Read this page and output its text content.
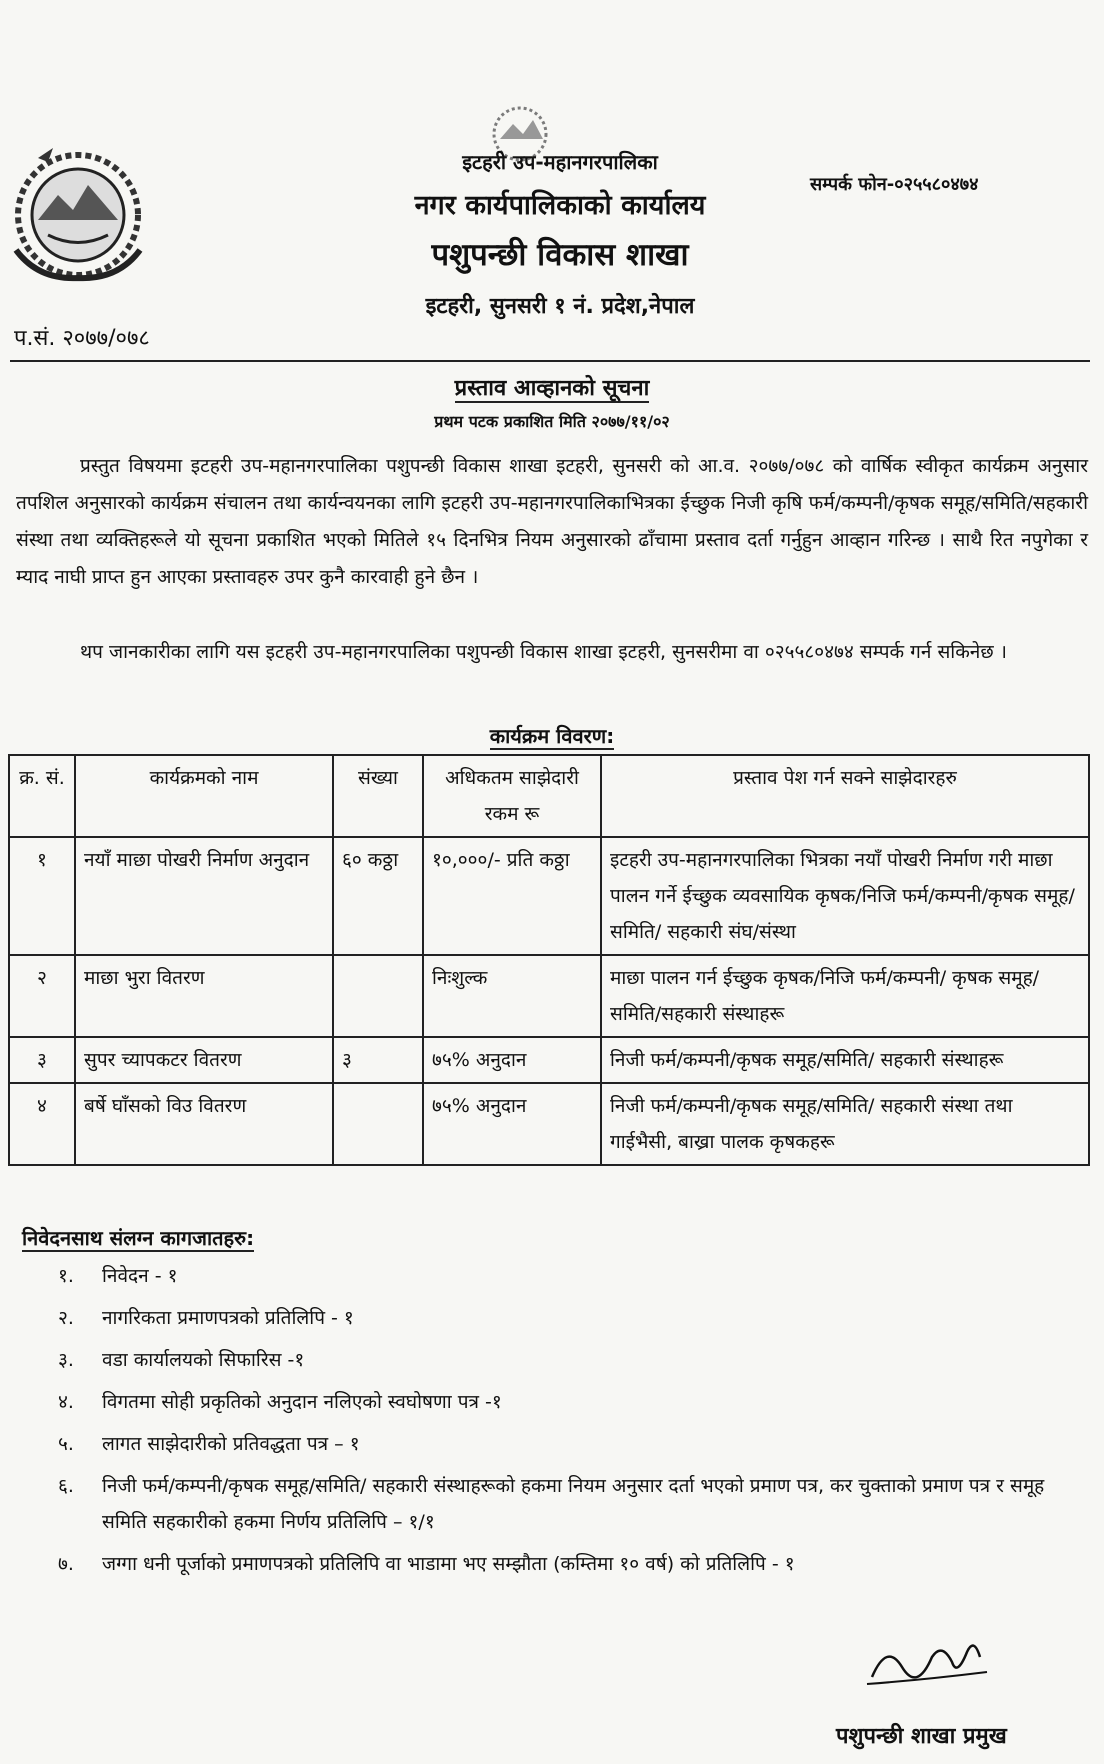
इटहरी उप-महानगरपालिका
नगर कार्यपालिकाको कार्यालय
पशुपन्छी विकास शाखा
इटहरी, सुनसरी १ नं. प्रदेश,नेपाल
सम्पर्क फोन-०२५५८०४७४
प.सं. २०७७/०७८
प्रस्ताव आव्हानको सूचना
प्रथम पटक प्रकाशित मिति २०७७/११/०२

प्रस्तुत विषयमा इटहरी उप-महानगरपालिका पशुपन्छी विकास शाखा इटहरी, सुनसरी को आ.व. २०७७/०७८ को वार्षिक स्वीकृत कार्यक्रम अनुसार तपशिल अनुसारको कार्यक्रम संचालन तथा कार्यन्वयनका लागि इटहरी उप-महानगरपालिकाभित्रका ईच्छुक निजी कृषि फर्म/कम्पनी/कृषक समूह/समिति/सहकारी संस्था तथा व्यक्तिहरूले यो सूचना प्रकाशित भएको मितिले १५ दिनभित्र नियम अनुसारको ढाँचामा प्रस्ताव दर्ता गर्नुहुन आव्हान गरिन्छ । साथै रित नपुगेका र म्याद नाघी प्राप्त हुन आएका प्रस्तावहरु उपर कुनै कारवाही हुने छैन ।

थप जानकारीका लागि यस इटहरी उप-महानगरपालिका पशुपन्छी विकास शाखा इटहरी, सुनसरीमा वा ०२५५८०४७४ सम्पर्क गर्न सकिनेछ ।

कार्यक्रम विवरण:
क्र. सं.	कार्यक्रमको नाम	संख्या	अधिकतम साझेदारी रकम रू	प्रस्ताव पेश गर्न सक्ने साझेदारहरु
१	नयाँ माछा पोखरी निर्माण अनुदान	६० कठ्ठा	१०,०००/- प्रति कठ्ठा	इटहरी उप-महानगरपालिका भित्रका नयाँ पोखरी निर्माण गरी माछा पालन गर्ने ईच्छुक व्यवसायिक कृषक/निजि फर्म/कम्पनी/कृषक समूह/समिति/ सहकारी संघ/संस्था
२	माछा भुरा वितरण		निःशुल्क	माछा पालन गर्न ईच्छुक कृषक/निजि फर्म/कम्पनी/ कृषक समूह/समिति/सहकारी संस्थाहरू
३	सुपर च्यापकटर वितरण	३	७५% अनुदान	निजी फर्म/कम्पनी/कृषक समूह/समिति/ सहकारी संस्थाहरू
४	बर्षे घाँसको विउ वितरण		७५% अनुदान	निजी फर्म/कम्पनी/कृषक समूह/समिति/ सहकारी संस्था तथा गाईभैसी, बाख्रा पालक कृषकहरू
निवेदनसाथ संलग्न कागजातहरु:
१. निवेदन - १
२. नागरिकता प्रमाणपत्रको प्रतिलिपि - १
३. वडा कार्यालयको सिफारिस -१
४. विगतमा सोही प्रकृतिको अनुदान नलिएको स्वघोषणा पत्र -१
५. लागत साझेदारीको प्रतिवद्धता पत्र – १
६. निजी फर्म/कम्पनी/कृषक समूह/समिति/ सहकारी संस्थाहरूको हकमा नियम अनुसार दर्ता भएको प्रमाण पत्र, कर चुक्ताको प्रमाण पत्र र समूह समिति सहकारीको हकमा निर्णय प्रतिलिपि – १/१
७. जग्गा धनी पूर्जाको प्रमाणपत्रको प्रतिलिपि वा भाडामा भए सम्झौता (कम्तिमा १० वर्ष) को प्रतिलिपि - १
पशुपन्छी शाखा प्रमुख
